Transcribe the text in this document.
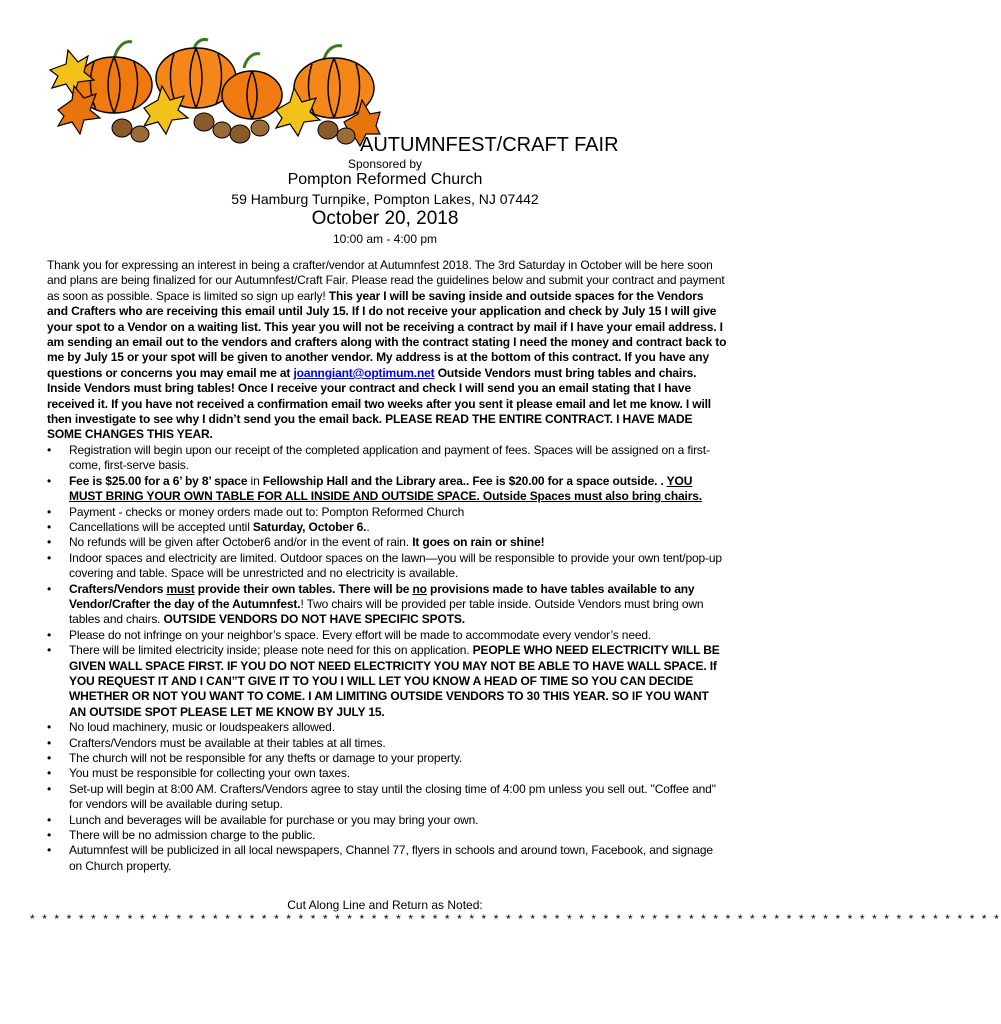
AUTUMNFEST/CRAFT FAIR
Sponsored by
Pompton Reformed Church
59 Hamburg Turnpike, Pompton Lakes, NJ 07442
October 20, 2018
10:00 am - 4:00 pm

Thank you for expressing an interest in being a crafter/vendor at Autumnfest 2018. The 3rd Saturday in October will be here soon and plans are being finalized for our Autumnfest/Craft Fair. Please read the guidelines below and submit your contract and payment as soon as possible. Space is limited so sign up early! This year I will be saving inside and outside spaces for the Vendors and Crafters who are receiving this email until July 15. If I do not receive your application and check by July 15 I will give your spot to a Vendor on a waiting list. This year you will not be receiving a contract by mail if I have your email address. I am sending an email out to the vendors and crafters along with the contract stating I need the money and contract back to me by July 15 or your spot will be given to another vendor. My address is at the bottom of this contract. If you have any questions or concerns you may email me at joanngiant@optimum.net Outside Vendors must bring tables and chairs. Inside Vendors must bring tables! Once I receive your contract and check I will send you an email stating that I have received it. If you have not received a confirmation email two weeks after you sent it please email and let me know. I will then investigate to see why I didn’t send you the email back. PLEASE READ THE ENTIRE CONTRACT. I HAVE MADE SOME CHANGES THIS YEAR.

• Registration will begin upon our receipt of the completed application and payment of fees. Spaces will be assigned on a first-come, first-serve basis.
• Fee is $25.00 for a 6’ by 8’ space in Fellowship Hall and the Library area.. Fee is $20.00 for a space outside. . YOU MUST BRING YOUR OWN TABLE FOR ALL INSIDE AND OUTSIDE SPACE. Outside Spaces must also bring chairs.
• Payment - checks or money orders made out to: Pompton Reformed Church
• Cancellations will be accepted until Saturday, October 6..
• No refunds will be given after October6 and/or in the event of rain. It goes on rain or shine!
• Indoor spaces and electricity are limited. Outdoor spaces on the lawn—you will be responsible to provide your own tent/pop-up covering and table. Space will be unrestricted and no electricity is available.
• Crafters/Vendors must provide their own tables. There will be no provisions made to have tables available to any Vendor/Crafter the day of the Autumnfest.! Two chairs will be provided per table inside. Outside Vendors must bring own tables and chairs. OUTSIDE VENDORS DO NOT HAVE SPECIFIC SPOTS.
• Please do not infringe on your neighbor’s space. Every effort will be made to accommodate every vendor’s need.
• There will be limited electricity inside; please note need for this on application. PEOPLE WHO NEED ELECTRICITY WILL BE GIVEN WALL SPACE FIRST. IF YOU DO NOT NEED ELECTRICITY YOU MAY NOT BE ABLE TO HAVE WALL SPACE. If YOU REQUEST IT AND I CAN”T GIVE IT TO YOU I WILL LET YOU KNOW A HEAD OF TIME SO YOU CAN DECIDE WHETHER OR NOT YOU WANT TO COME. I AM LIMITING OUTSIDE VENDORS TO 30 THIS YEAR. SO IF YOU WANT AN OUTSIDE SPOT PLEASE LET ME KNOW BY JULY 15.
• No loud machinery, music or loudspeakers allowed.
• Crafters/Vendors must be available at their tables at all times.
• The church will not be responsible for any thefts or damage to your property.
• You must be responsible for collecting your own taxes.
• Set-up will begin at 8:00 AM. Crafters/Vendors agree to stay until the closing time of 4:00 pm unless you sell out. "Coffee and" for vendors will be available during setup.
• Lunch and beverages will be available for purchase or you may bring your own.
• There will be no admission charge to the public.
• Autumnfest will be publicized in all local newspapers, Channel 77, flyers in schools and around town, Facebook, and signage on Church property.
Cut Along Line and Return as Noted:
* * * * * * * * * * * * * * * * * * * * * * * * * * * * * * * * * * * * * * * * * * * * * * * * * * * * * * * * * * * * * * * * * * * * * * * * * * * * * * * *
